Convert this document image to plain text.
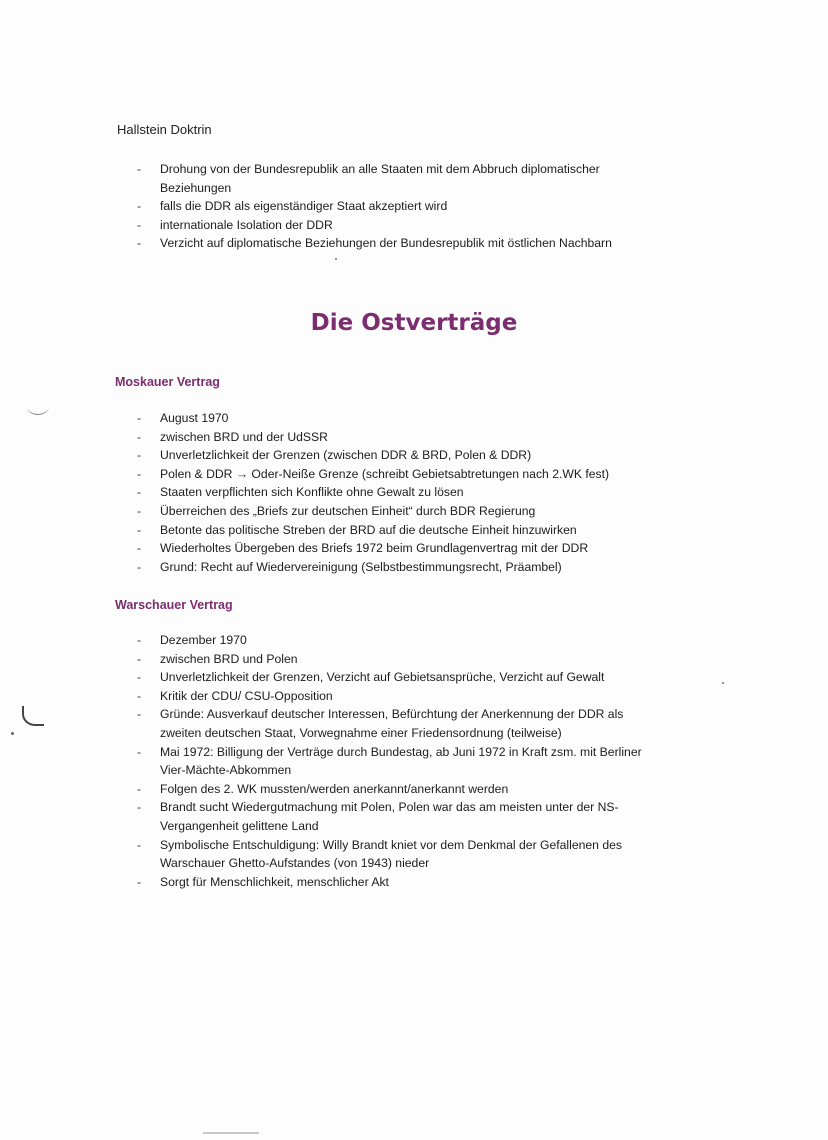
Hallstein Doktrin
- Drohung von der Bundesrepublik an alle Staaten mit dem Abbruch diplomatischer
Beziehungen
- falls die DDR als eigenständiger Staat akzeptiert wird
- internationale Isolation der DDR
- Verzicht auf diplomatische Beziehungen der Bundesrepublik mit östlichen Nachbarn
Die Ostverträge
Moskauer Vertrag
- August 1970
- zwischen BRD und der UdSSR
- Unverletzlichkeit der Grenzen (zwischen DDR & BRD, Polen & DDR)
- Polen & DDR → Oder-Neiße Grenze (schreibt Gebietsabtretungen nach 2.WK fest)
- Staaten verpflichten sich Konflikte ohne Gewalt zu lösen
- Überreichen des „Briefs zur deutschen Einheit“ durch BDR Regierung
- Betonte das politische Streben der BRD auf die deutsche Einheit hinzuwirken
- Wiederholtes Übergeben des Briefs 1972 beim Grundlagenvertrag mit der DDR
- Grund: Recht auf Wiedervereinigung (Selbstbestimmungsrecht, Präambel)
Warschauer Vertrag
- Dezember 1970
- zwischen BRD und Polen
- Unverletzlichkeit der Grenzen, Verzicht auf Gebietsansprüche, Verzicht auf Gewalt
- Kritik der CDU/ CSU-Opposition
- Gründe: Ausverkauf deutscher Interessen, Befürchtung der Anerkennung der DDR als
zweiten deutschen Staat, Vorwegnahme einer Friedensordnung (teilweise)
- Mai 1972: Billigung der Verträge durch Bundestag, ab Juni 1972 in Kraft zsm. mit Berliner
Vier-Mächte-Abkommen
- Folgen des 2. WK mussten/werden anerkannt/anerkannt werden
- Brandt sucht Wiedergutmachung mit Polen, Polen war das am meisten unter der NS-
Vergangenheit gelittene Land
- Symbolische Entschuldigung: Willy Brandt kniet vor dem Denkmal der Gefallenen des
Warschauer Ghetto-Aufstandes (von 1943) nieder
- Sorgt für Menschlichkeit, menschlicher Akt
